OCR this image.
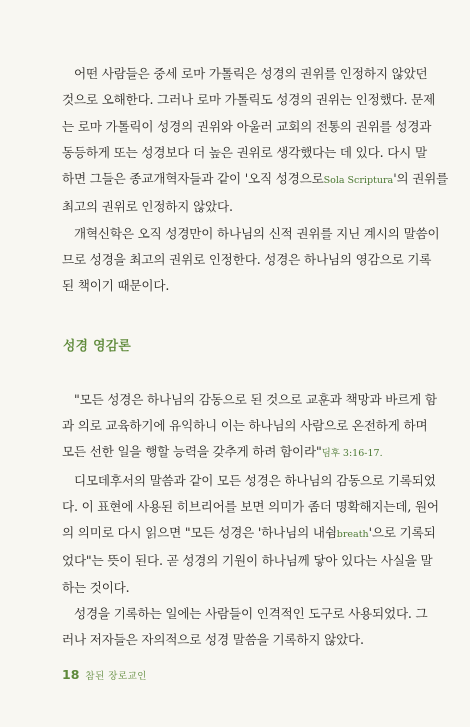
어떤 사람들은 중세 로마 가톨릭은 성경의 권위를 인정하지 않았던
것으로 오해한다. 그러나 로마 가톨릭도 성경의 권위는 인정했다. 문제
는 로마 가톨릭이 성경의 권위와 아울러 교회의 전통의 권위를 성경과
동등하게 또는 성경보다 더 높은 권위로 생각했다는 데 있다. 다시 말
하면 그들은 종교개혁자들과 같이 '오직 성경으로Sola Scriptura'의 권위를
최고의 권위로 인정하지 않았다.

개혁신학은 오직 성경만이 하나님의 신적 권위를 지닌 계시의 말씀이
므로 성경을 최고의 권위로 인정한다. 성경은 하나님의 영감으로 기록
된 책이기 때문이다.

성경 영감론

"모든 성경은 하나님의 감동으로 된 것으로 교훈과 책망과 바르게 함
과 의로 교육하기에 유익하니 이는 하나님의 사람으로 온전하게 하며
모든 선한 일을 행할 능력을 갖추게 하려 함이라"딤후 3:16-17.

디모데후서의 말씀과 같이 모든 성경은 하나님의 감동으로 기록되었
다. 이 표현에 사용된 히브리어를 보면 의미가 좀더 명확해지는데, 원어
의 의미로 다시 읽으면 "모든 성경은 '하나님의 내쉼breath'으로 기록되
었다"는 뜻이 된다. 곧 성경의 기원이 하나님께 닿아 있다는 사실을 말
하는 것이다.

성경을 기록하는 일에는 사람들이 인격적인 도구로 사용되었다. 그
러나 저자들은 자의적으로 성경 말씀을 기록하지 않았다.

18 참된 장로교인
